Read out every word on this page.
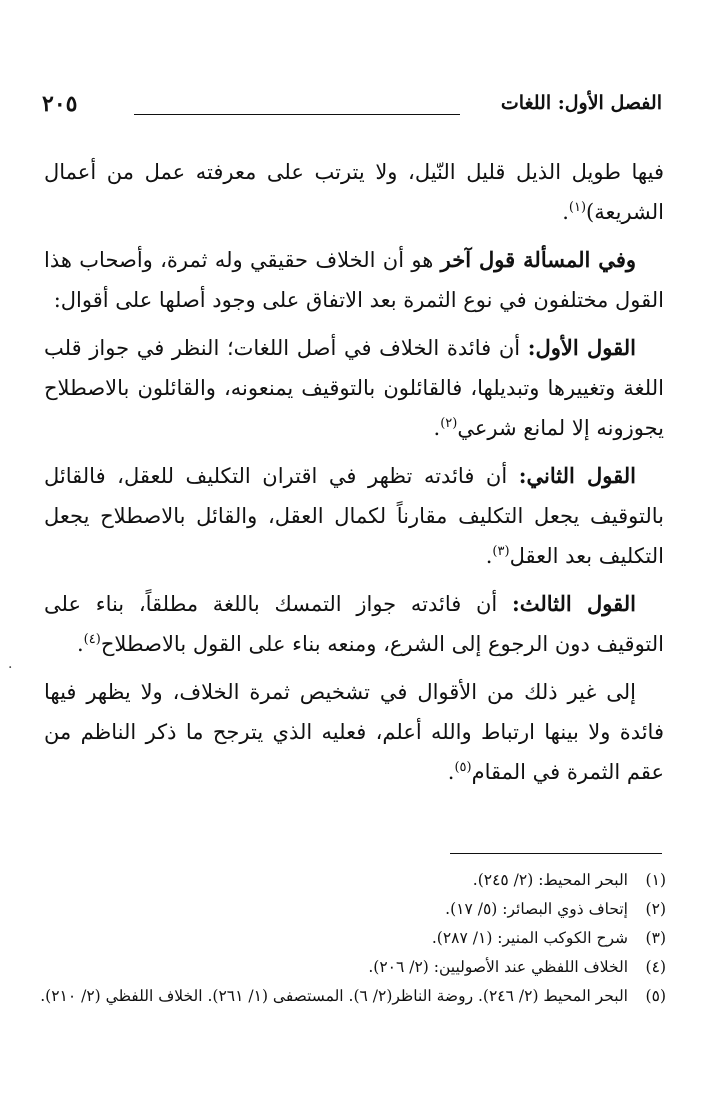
الفصل الأول: اللغات
٢٠٥

فيها طويل الذيل قليل النّيل، ولا يترتب على معرفته عمل من أعمال الشريعة)$^{(١)}$.

وفي المسألة قول آخر هو أن الخلاف حقيقي وله ثمرة، وأصحاب هذا القول مختلفون في نوع الثمرة بعد الاتفاق على وجود أصلها على أقوال:

القول الأول: أن فائدة الخلاف في أصل اللغات؛ النظر في جواز قلب اللغة وتغييرها وتبديلها، فالقائلون بالتوقيف يمنعونه، والقائلون بالاصطلاح يجوزونه إلا لمانع شرعي$^{(٢)}$.

القول الثاني: أن فائدته تظهر في اقتران التكليف للعقل، فالقائل بالتوقيف يجعل التكليف مقارناً لكمال العقل، والقائل بالاصطلاح يجعل التكليف بعد العقل$^{(٣)}$.

القول الثالث: أن فائدته جواز التمسك باللغة مطلقاً، بناء على التوقيف دون الرجوع إلى الشرع، ومنعه بناء على القول بالاصطلاح$^{(٤)}$.

إلى غير ذلك من الأقوال في تشخيص ثمرة الخلاف، ولا يظهر فيها فائدة ولا بينها ارتباط والله أعلم، فعليه الذي يترجح ما ذكر الناظم من عقم الثمرة في المقام$^{(٥)}$.

(١)
البحر المحيط: (٢/ ٢٤٥).
(٢)
إتحاف ذوي البصائر: (٥/ ١٧).
(٣)
شرح الكوكب المنير: (١/ ٢٨٧).
(٤)
الخلاف اللفظي عند الأصوليين: (٢/ ٢٠٦).
(٥)
البحر المحيط (٢/ ٢٤٦). روضة الناظر(٢/ ٦). المستصفى (١/ ٢٦١). الخلاف اللفظي (٢/ ٢١٠).
·
